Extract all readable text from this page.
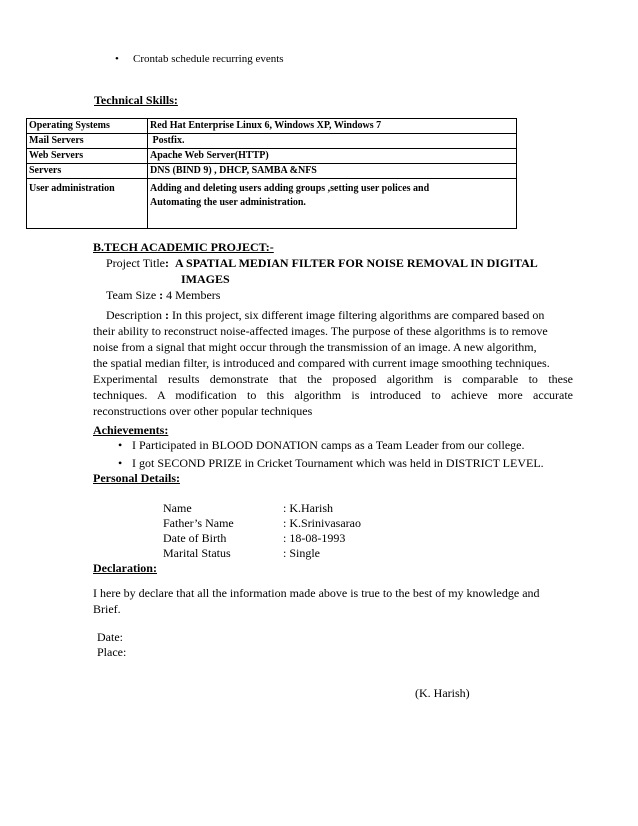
• Crontab schedule recurring events
Technical Skills:
Operating Systems	Red Hat Enterprise Linux 6, Windows XP, Windows 7

Mail Servers	Postfix.

Web Servers	Apache Web Server(HTTP)

Servers	DNS (BIND 9) , DHCP, SAMBA &NFS

User administration	Adding and deleting users adding groups ,setting user polices and
Automating the user administration.
B.TECH ACADEMIC PROJECT:-
Project Title: A SPATIAL MEDIAN FILTER FOR NOISE REMOVAL IN DIGITAL
IMAGES
Team Size : 4 Members
Description : In this project, six different image filtering algorithms are compared based on
their ability to reconstruct noise-affected images. The purpose of these algorithms is to remove
noise from a signal that might occur through the transmission of an image. A new algorithm,
the spatial median filter, is introduced and compared with current image smoothing techniques.
Experimental results demonstrate that the proposed algorithm is comparable to these
techniques. A modification to this algorithm is introduced to achieve more accurate
reconstructions over other popular techniques
Achievements:
• I Participated in BLOOD DONATION camps as a Team Leader from our college.
• I got SECOND PRIZE in Cricket Tournament which was held in DISTRICT LEVEL.
Personal Details:
Name	: K.Harish
Father’s Name	: K.Srinivasarao
Date of Birth	: 18-08-1993
Marital Status	: Single
Declaration:
I here by declare that all the information made above is true to the best of my knowledge and
Brief.
Date:
Place:
(K. Harish)
